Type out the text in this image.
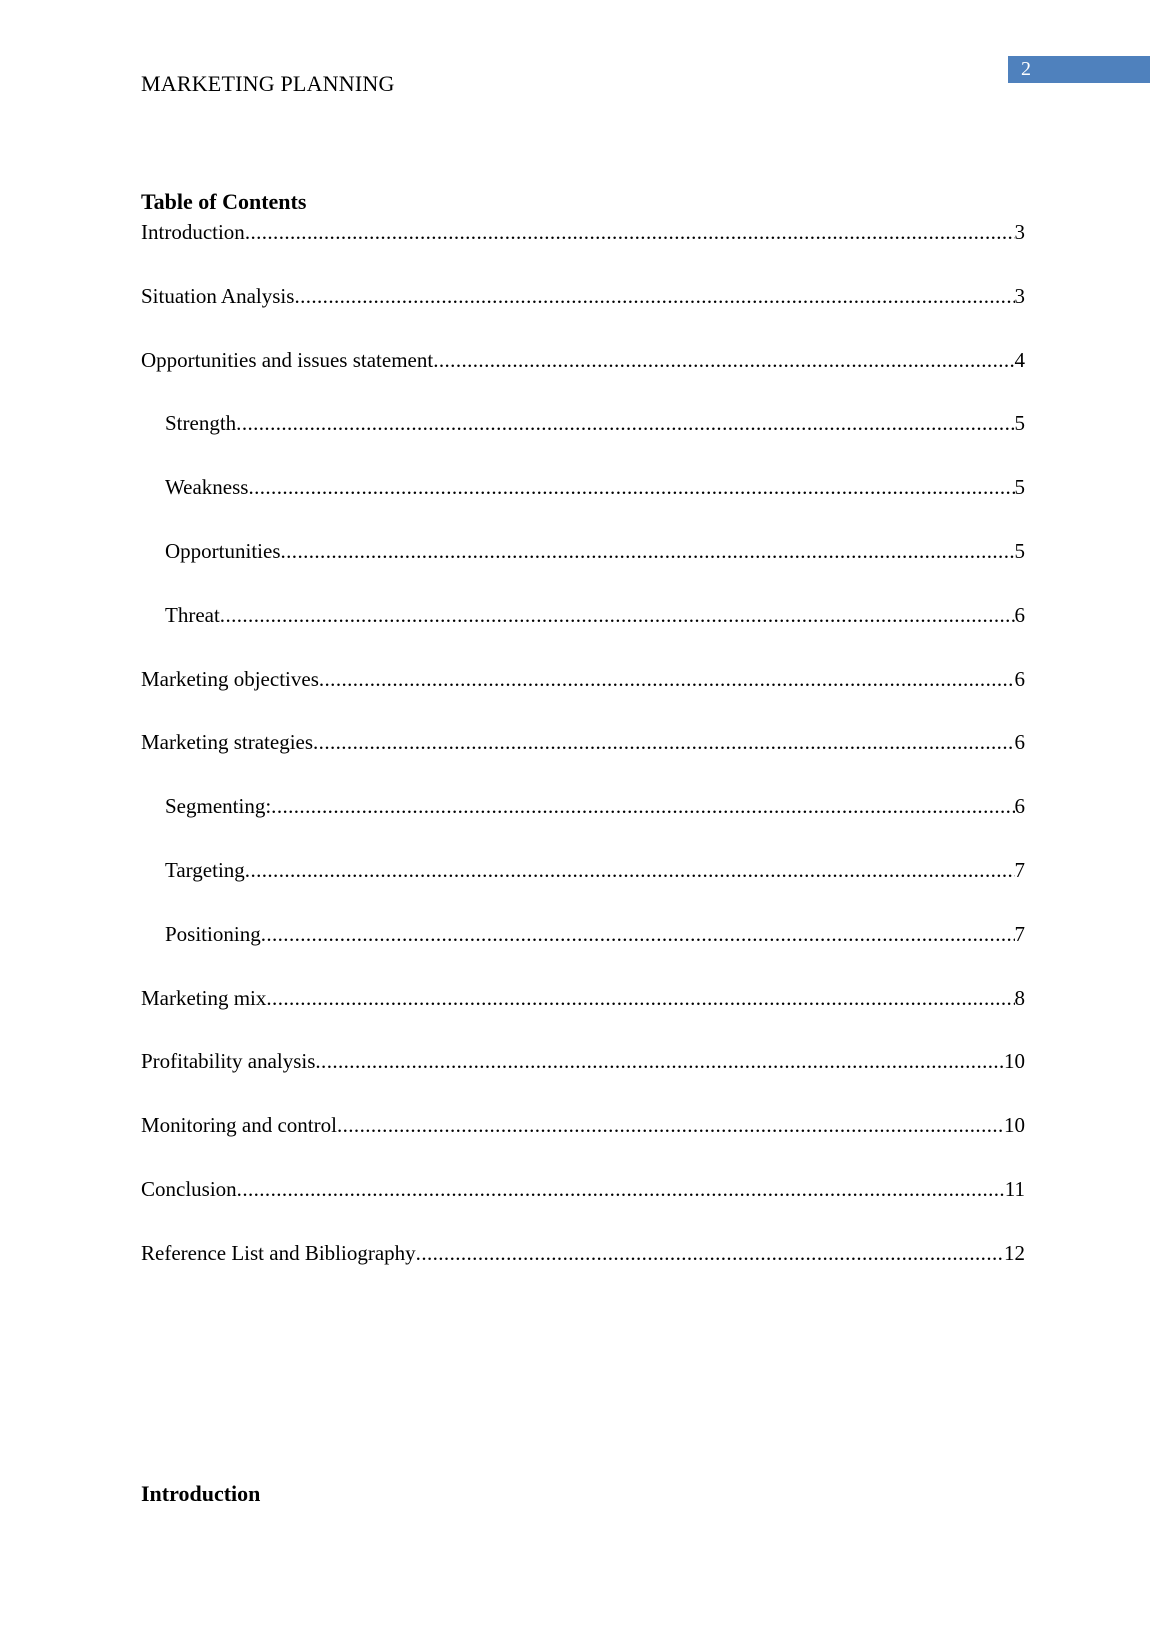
MARKETING PLANNING
2
Table of Contents
Introduction .....	3
Situation Analysis .....	3
Opportunities and issues statement .....	4
Strength .....	5
Weakness .....	5
Opportunities .....	5
Threat .....	6
Marketing objectives .....	6
Marketing strategies .....	6
Segmenting: .....	6
Targeting .....	7
Positioning .....	7
Marketing mix .....	8
Profitability analysis .....	10
Monitoring and control .....	10
Conclusion .....	11
Reference List and Bibliography .....	12
Introduction
